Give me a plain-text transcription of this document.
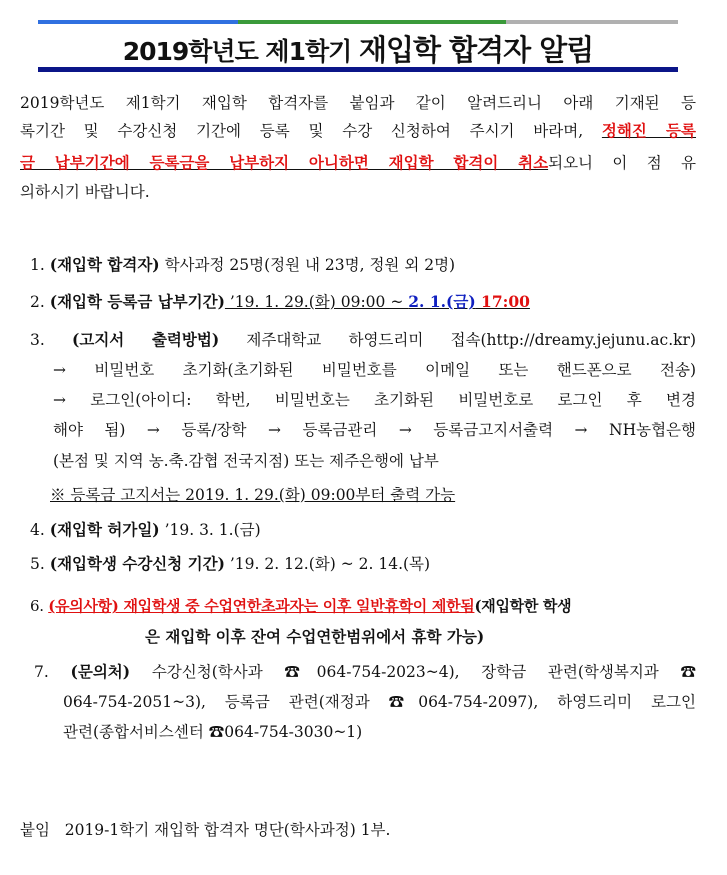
2019학년도 제1학기 재입학 합격자 알림
2019학년도 제1학기 재입학 합격자를 붙임과 같이 알려드리니 아래 기재된 등
록기간 및 수강신청 기간에 등록 및 수강 신청하여 주시기 바라며, 정해진 등록
금 납부기간에 등록금을 납부하지 아니하면 재입학 합격이 취소되오니 이 점 유
의하시기 바랍니다.
1. (재입학 합격자) 학사과정 25명(정원 내 23명, 정원 외 2명)
2. (재입학 등록금 납부기간) ’19. 1. 29.(화) 09:00 ~ 2. 1.(금) 17:00
3. (고지서 출력방법) 제주대학교 하영드리미 접속(http://dreamy.jejunu.ac.kr)
→ 비밀번호 초기화(초기화된 비밀번호를 이메일 또는 핸드폰으로 전송)
→ 로그인(아이디: 학번, 비밀번호는 초기화된 비밀번호로 로그인 후 변경
해야 됨) → 등록/장학 → 등록금관리 → 등록금고지서출력 → NH농협은행
(본점 및 지역 농.축.감협 전국지점) 또는 제주은행에 납부
※ 등록금 고지서는 2019. 1. 29.(화) 09:00부터 출력 가능
4. (재입학 허가일) ’19. 3. 1.(금)
5. (재입학생 수강신청 기간) ’19. 2. 12.(화) ~ 2. 14.(목)
6. (유의사항) 재입학생 중 수업연한초과자는 이후 일반휴학이 제한됨(재입학한 학생
은 재입학 이후 잔여 수업연한범위에서 휴학 가능)
7. (문의처) 수강신청(학사과 ☎064-754-2023~4), 장학금 관련(학생복지과 ☎
064-754-2051~3), 등록금 관련(재정과 ☎064-754-2097), 하영드리미 로그인
관련(종합서비스센터 ☎064-754-3030~1)
붙임   2019-1학기 재입학 합격자 명단(학사과정) 1부.
